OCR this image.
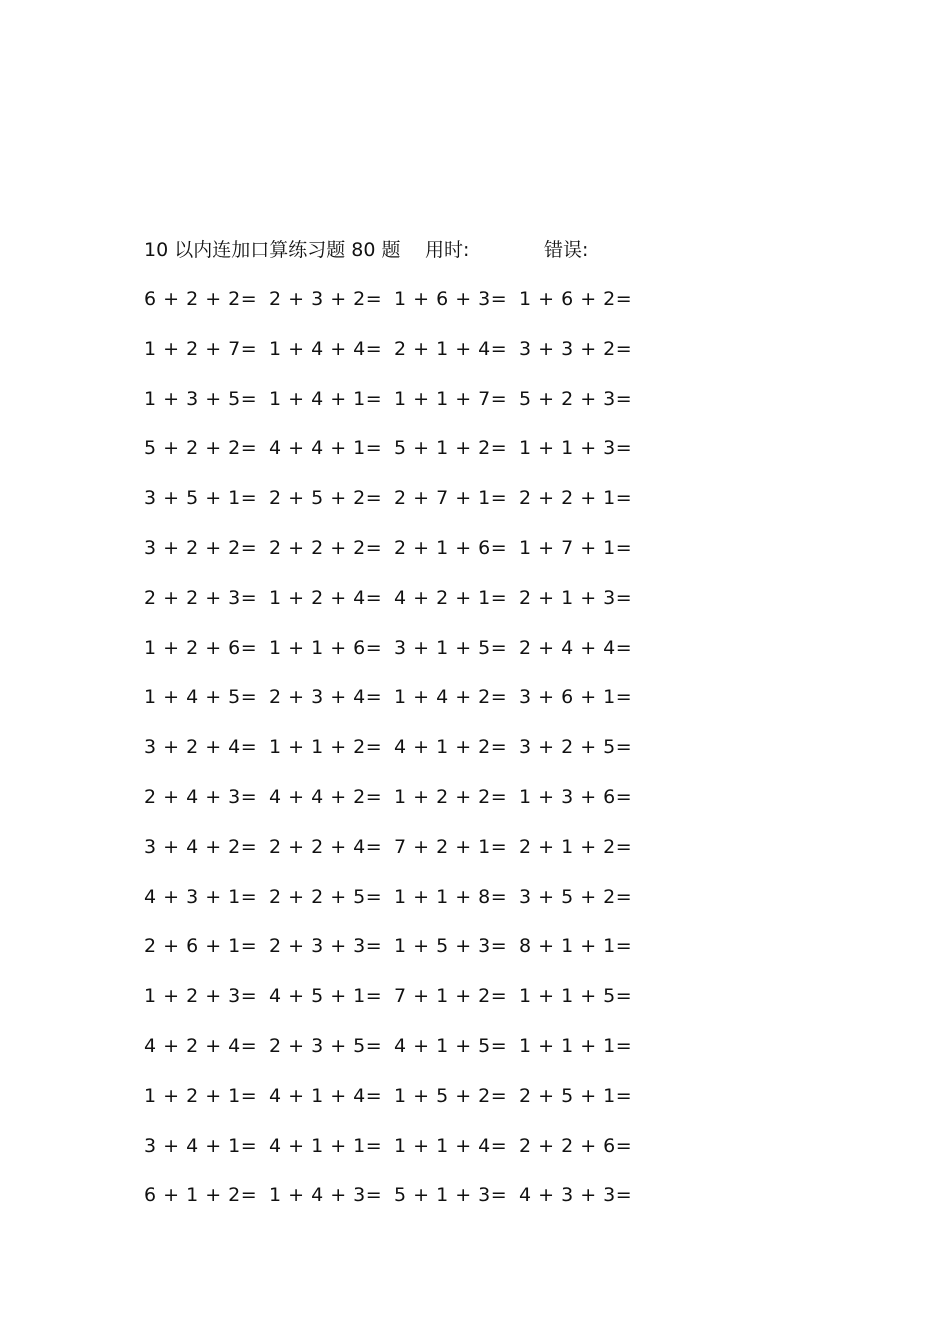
10 以内连加口算练习题 80 题 用时:	错误:
6 + 2 + 2= 2 + 3 + 2= 1 + 6 + 3= 1 + 6 + 2=
1 + 2 + 7= 1 + 4 + 4= 2 + 1 + 4= 3 + 3 + 2=
1 + 3 + 5= 1 + 4 + 1= 1 + 1 + 7= 5 + 2 + 3=
5 + 2 + 2= 4 + 4 + 1= 5 + 1 + 2= 1 + 1 + 3=
3 + 5 + 1= 2 + 5 + 2= 2 + 7 + 1= 2 + 2 + 1=
3 + 2 + 2= 2 + 2 + 2= 2 + 1 + 6= 1 + 7 + 1=
2 + 2 + 3= 1 + 2 + 4= 4 + 2 + 1= 2 + 1 + 3=
1 + 2 + 6= 1 + 1 + 6= 3 + 1 + 5= 2 + 4 + 4=
1 + 4 + 5= 2 + 3 + 4= 1 + 4 + 2= 3 + 6 + 1=
3 + 2 + 4= 1 + 1 + 2= 4 + 1 + 2= 3 + 2 + 5=
2 + 4 + 3= 4 + 4 + 2= 1 + 2 + 2= 1 + 3 + 6=
3 + 4 + 2= 2 + 2 + 4= 7 + 2 + 1= 2 + 1 + 2=
4 + 3 + 1= 2 + 2 + 5= 1 + 1 + 8= 3 + 5 + 2=
2 + 6 + 1= 2 + 3 + 3= 1 + 5 + 3= 8 + 1 + 1=
1 + 2 + 3= 4 + 5 + 1= 7 + 1 + 2= 1 + 1 + 5=
4 + 2 + 4= 2 + 3 + 5= 4 + 1 + 5= 1 + 1 + 1=
1 + 2 + 1= 4 + 1 + 4= 1 + 5 + 2= 2 + 5 + 1=
3 + 4 + 1= 4 + 1 + 1= 1 + 1 + 4= 2 + 2 + 6=
6 + 1 + 2= 1 + 4 + 3= 5 + 1 + 3= 4 + 3 + 3=
